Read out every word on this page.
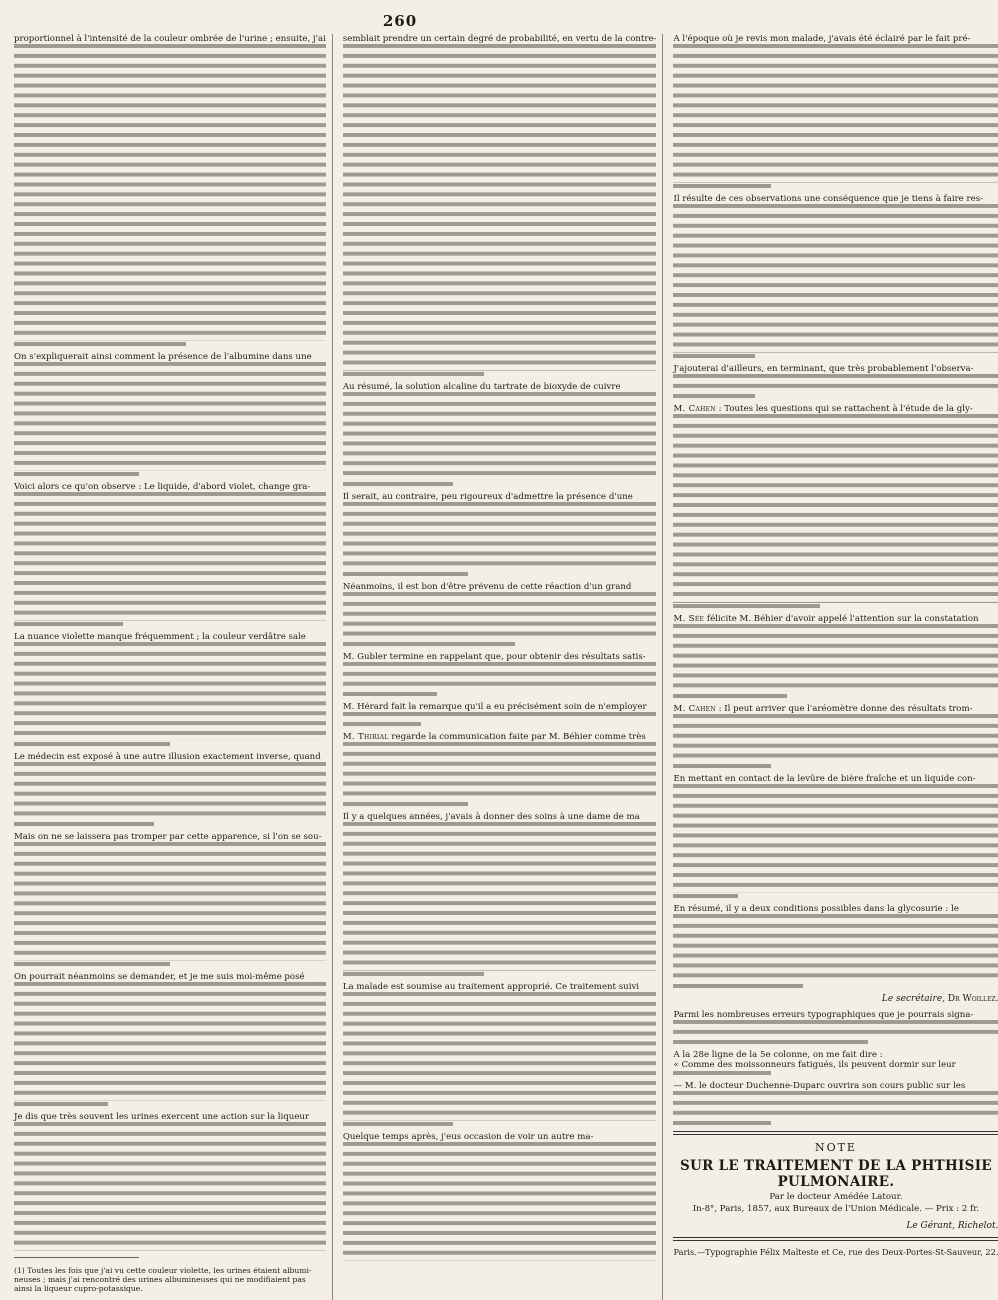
260

proportionnel à l'intensité de la couleur ombrée de l'urine ; ensuite, j'ai

On s'expliquerait ainsi comment la présence de l'albumine dans une

Voici alors ce qu'on observe : Le liquide, d'abord violet, change gra-

La nuance violette manque fréquemment ; la couleur verdâtre sale

Le médecin est exposé à une autre illusion exactement inverse, quand

Mais on ne se laissera pas tromper par cette apparence, si l'on se sou-

On pourrait néanmoins se demander, et je me suis moi-même posé

Je dis que très souvent les urines exercent une action sur la liqueur

(1) Toutes les fois que j'ai vu cette couleur violette, les urines étaient albumi-neuses ; mais j'ai rencontré des urines albumineuses qui ne modifiaient pas ainsi la liqueur cupro-potassique.

semblait prendre un certain degré de probabilité, en vertu de la contre-

Au résumé, la solution alcaline du tartrate de bioxyde de cuivre

Il serait, au contraire, peu rigoureux d'admettre la présence d'une

Néanmoins, il est bon d'être prévenu de cette réaction d'un grand

M. Gubler termine en rappelant que, pour obtenir des résultats satis-

M. Hérard fait la remarque qu'il a eu précisément soin de n'employer

M. Thirial regarde la communication faite par M. Béhier comme très

Il y a quelques années, j'avais à donner des soins à une dame de ma

La malade est soumise au traitement approprié. Ce traitement suivi

Quelque temps après, j'eus occasion de voir un autre ma-

A l'époque où je revis mon malade, j'avais été éclairé par le fait pré-

Il résulte de ces observations une conséquence que je tiens à faire res-

J'ajouterai d'ailleurs, en terminant, que très probablement l'observa-

M. Cahen : Toutes les questions qui se rattachent à l'étude de la gly-

M. Sée félicite M. Béhier d'avoir appelé l'attention sur la constatation

M. Cahen : Il peut arriver que l'aréomètre donne des résultats trom-

En mettant en contact de la levûre de bière fraîche et un liquide con-

En résumé, il y a deux conditions possibles dans la glycosurie : le

Le secrétaire, Dr Woillez.

Parmi les nombreuses erreurs typographiques que je pourrais signa-

A la 28e ligne de la 5e colonne, on me fait dire :

« Comme des moissonneurs fatigués, ils peuvent dormir sur leur

— M. le docteur Duchenne-Duparc ouvrira son cours public sur les

NOTE
SUR LE TRAITEMENT DE LA PHTHISIE PULMONAIRE.
Par le docteur Amédée Latour.
In-8°, Paris, 1857, aux Bureaux de l'Union Médicale. — Prix : 2 fr.
Le Gérant, Richelot.
Paris.—Typographie Félix Malteste et Ce, rue des Deux-Portes-St-Sauveur, 22.
